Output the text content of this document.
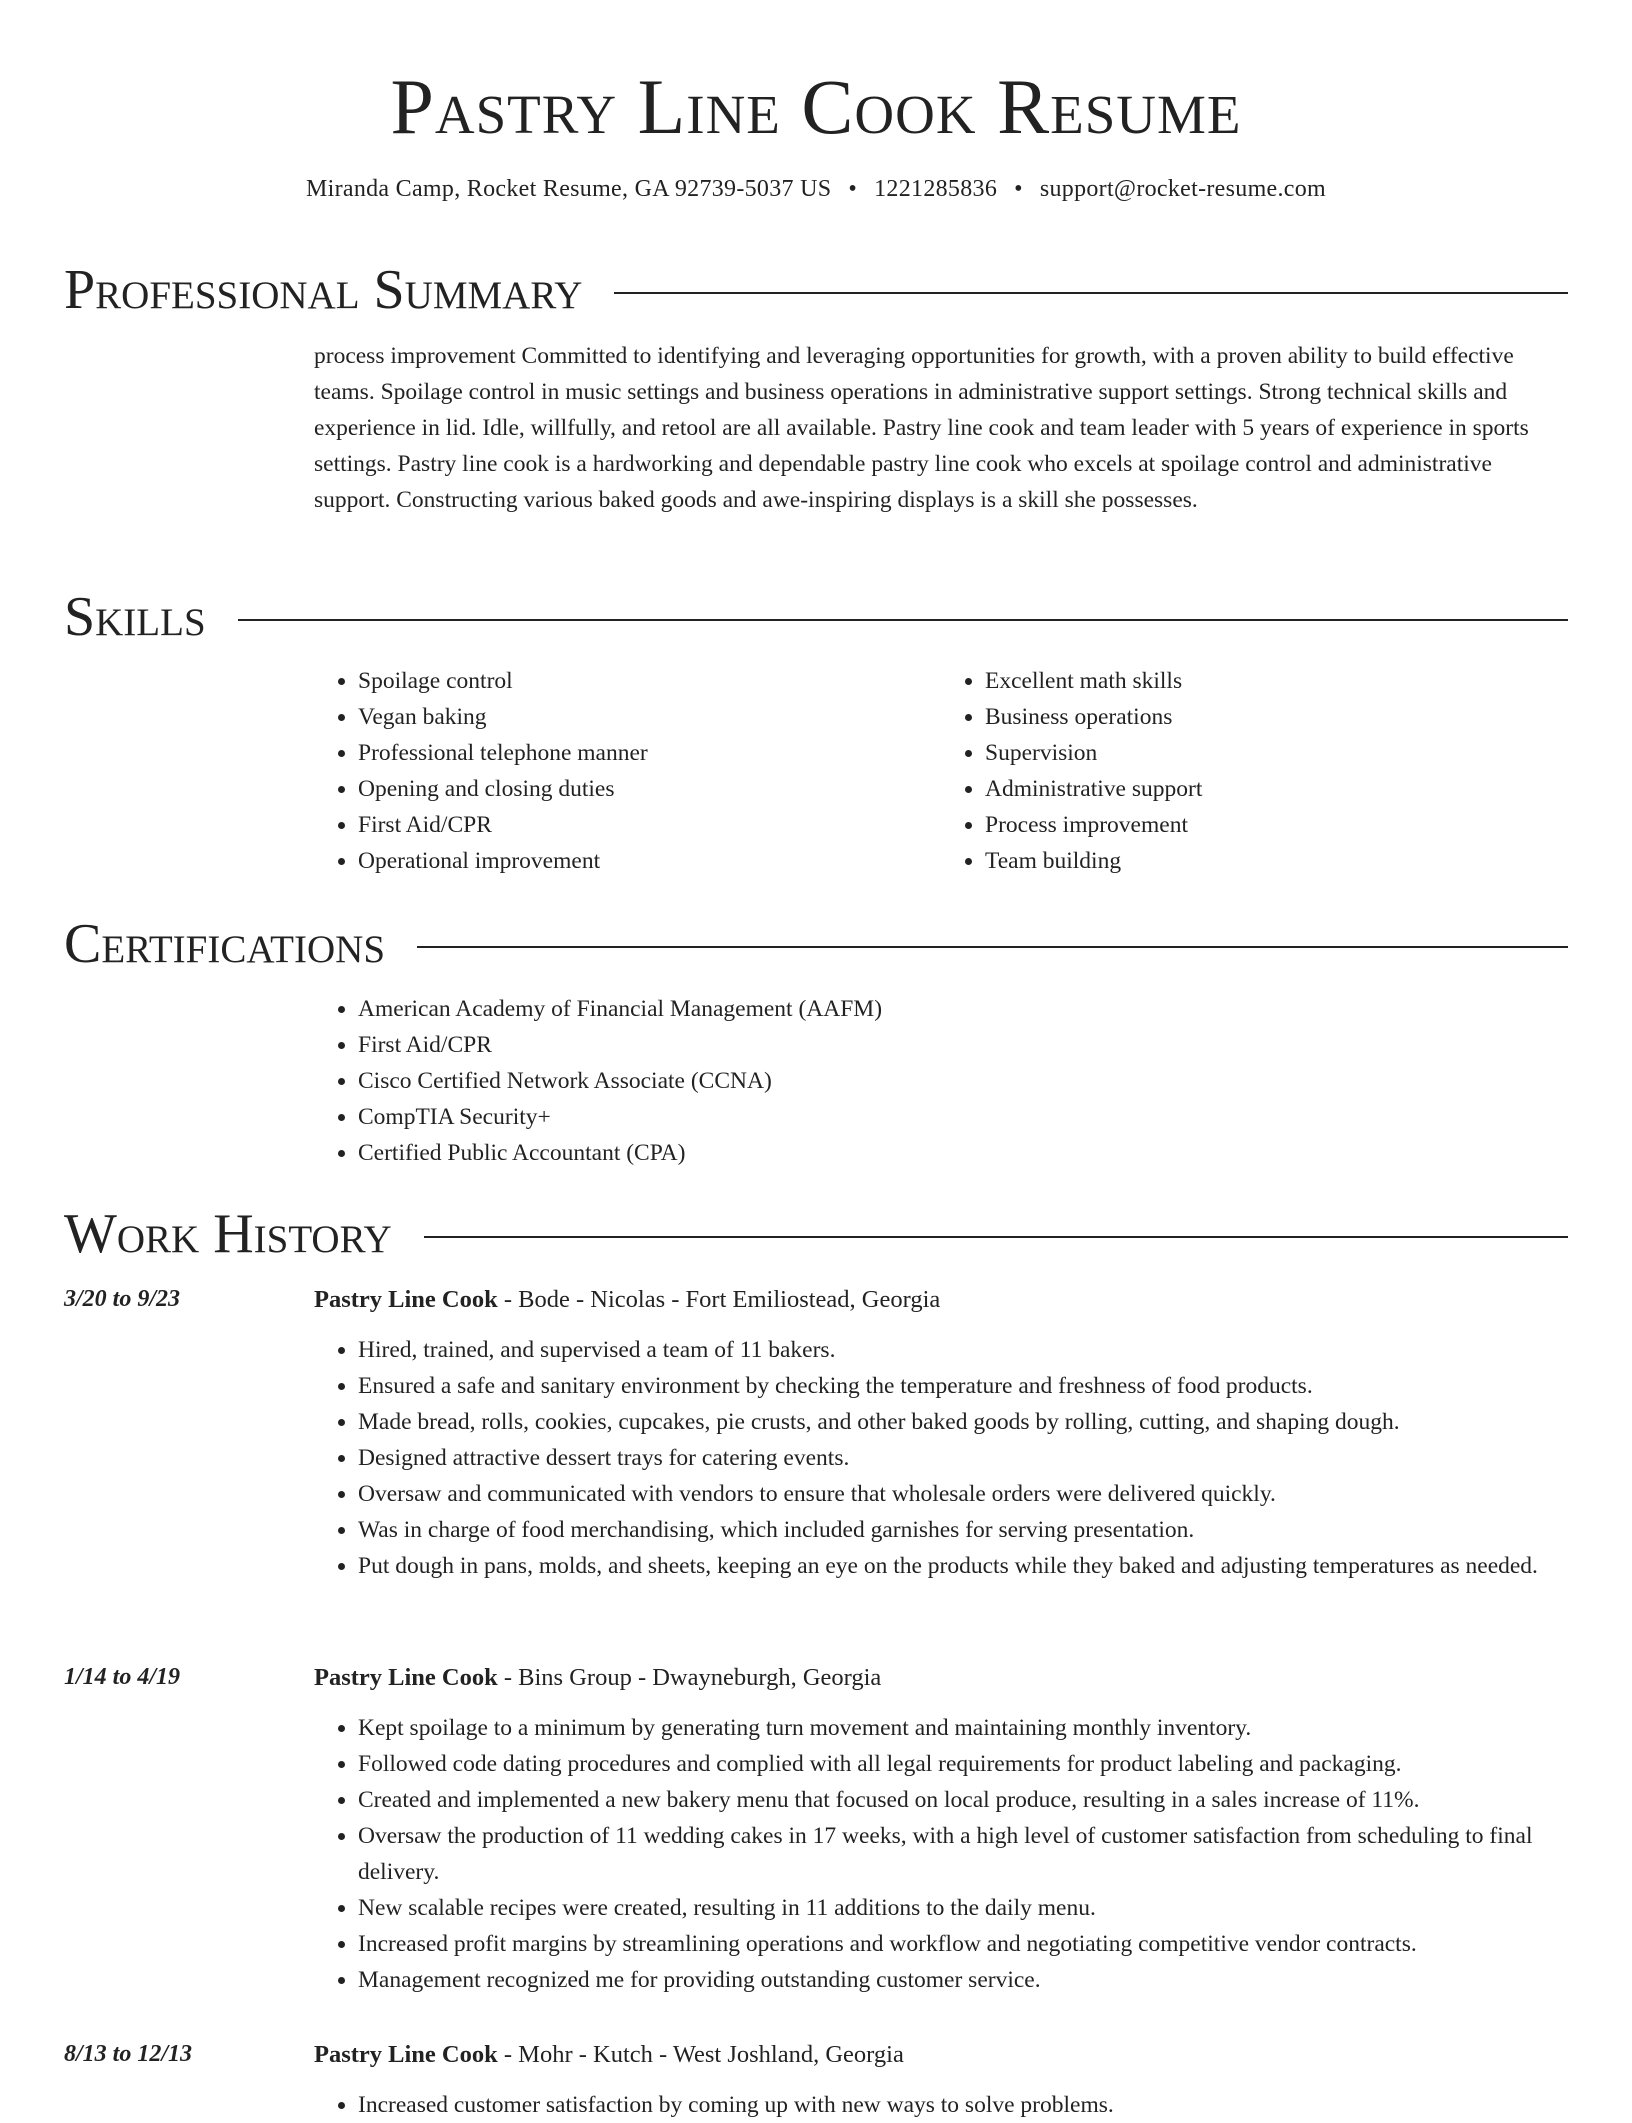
Pastry Line Cook Resume
Miranda Camp, Rocket Resume, GA 92739-5037 US • 1221285836 • support@rocket-resume.com
Professional Summary

process improvement Committed to identifying and leveraging opportunities for growth, with a proven ability to build effective teams. Spoilage control in music settings and business operations in administrative support settings. Strong technical skills and experience in lid. Idle, willfully, and retool are all available. Pastry line cook and team leader with 5 years of experience in sports settings. Pastry line cook is a hardworking and dependable pastry line cook who excels at spoilage control and administrative support. Constructing various baked goods and awe-inspiring displays is a skill she possesses.

Skills
• Spoilage control
• Vegan baking
• Professional telephone manner
• Opening and closing duties
• First Aid/CPR
• Operational improvement
• Excellent math skills
• Business operations
• Supervision
• Administrative support
• Process improvement
• Team building
Certifications
• American Academy of Financial Management (AAFM)
• First Aid/CPR
• Cisco Certified Network Associate (CCNA)
• CompTIA Security+
• Certified Public Accountant (CPA)
Work History
3/20 to 9/23	Pastry Line Cook - Bode - Nicolas - Fort Emiliostead, Georgia
• Hired, trained, and supervised a team of 11 bakers.
• Ensured a safe and sanitary environment by checking the temperature and freshness of food products.
• Made bread, rolls, cookies, cupcakes, pie crusts, and other baked goods by rolling, cutting, and shaping dough.
• Designed attractive dessert trays for catering events.
• Oversaw and communicated with vendors to ensure that wholesale orders were delivered quickly.
• Was in charge of food merchandising, which included garnishes for serving presentation.
• Put dough in pans, molds, and sheets, keeping an eye on the products while they baked and adjusting temperatures as needed.
1/14 to 4/19	Pastry Line Cook - Bins Group - Dwayneburgh, Georgia
• Kept spoilage to a minimum by generating turn movement and maintaining monthly inventory.
• Followed code dating procedures and complied with all legal requirements for product labeling and packaging.
• Created and implemented a new bakery menu that focused on local produce, resulting in a sales increase of 11%.
• Oversaw the production of 11 wedding cakes in 17 weeks, with a high level of customer satisfaction from scheduling to final delivery.
• New scalable recipes were created, resulting in 11 additions to the daily menu.
• Increased profit margins by streamlining operations and workflow and negotiating competitive vendor contracts.
• Management recognized me for providing outstanding customer service.
8/13 to 12/13	Pastry Line Cook - Mohr - Kutch - West Joshland, Georgia
• Increased customer satisfaction by coming up with new ways to solve problems.
